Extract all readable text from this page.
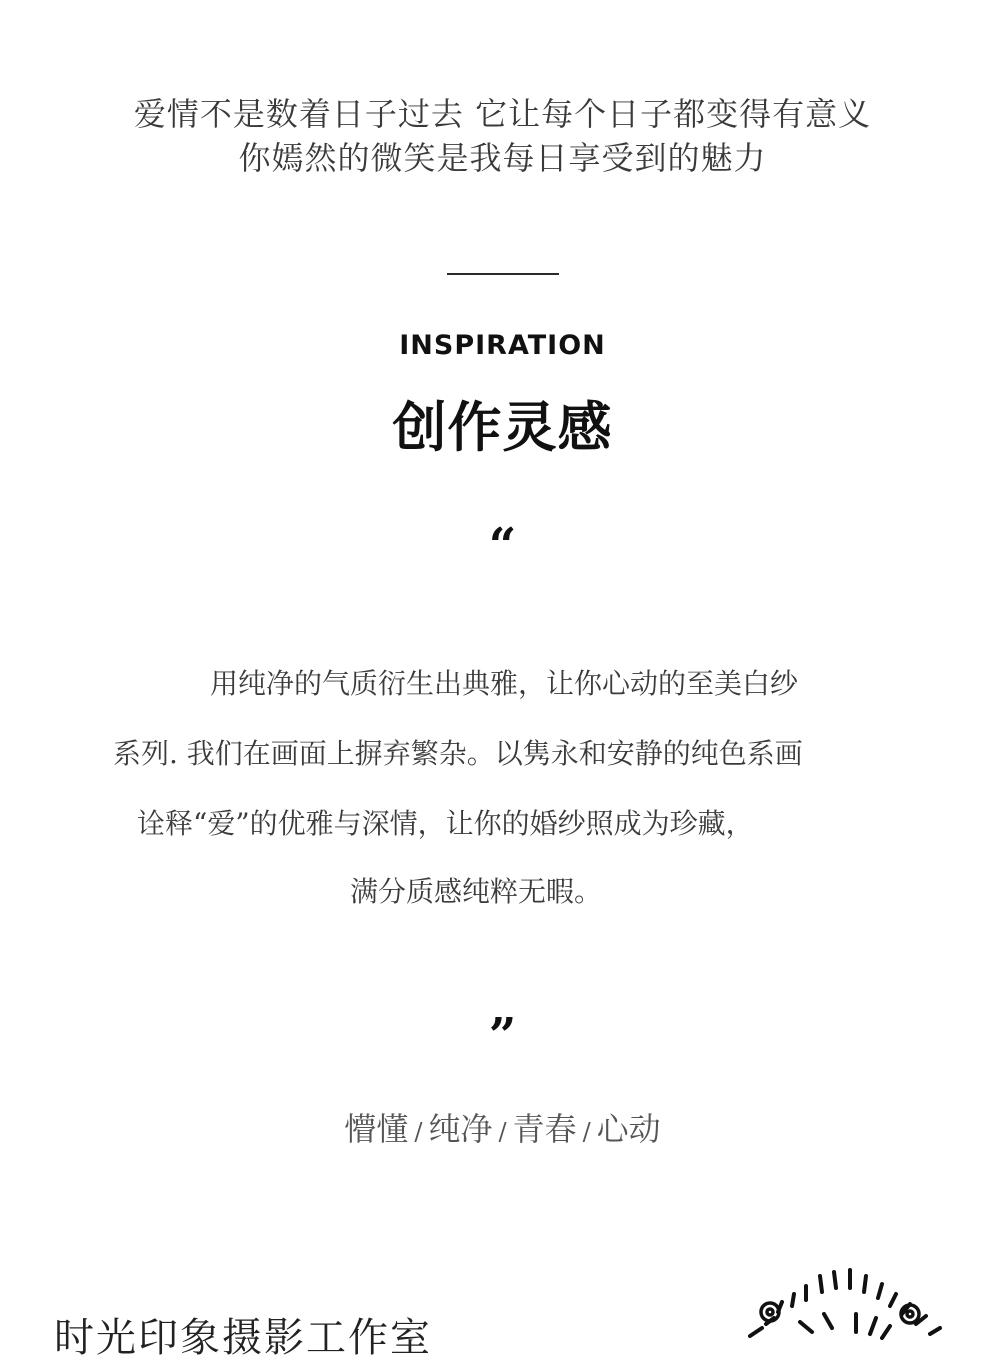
爱情不是数着日子过去 它让每个日子都变得有意义
你嫣然的微笑是我每日享受到的魅力
INSPIRATION
创作灵感
“
用纯净的气质衍生出典雅，让你心动的至美白纱
系列. 我们在画面上摒弃繁杂。以隽永和安静的纯色系画
诠释“爱”的优雅与深情，让你的婚纱照成为珍藏，
满分质感纯粹无暇。
”
懵懂 / 纯净 / 青春 / 心动
时光印象摄影工作室
